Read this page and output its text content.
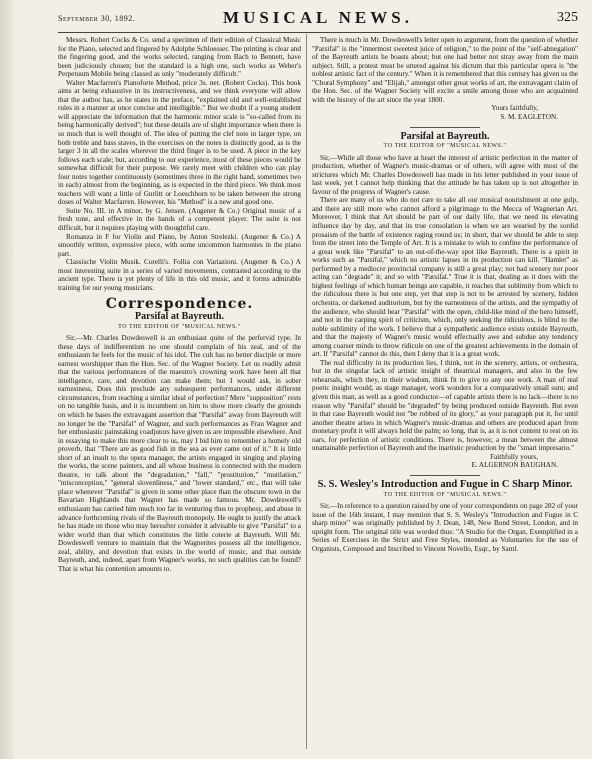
September 30, 1892.	MUSICAL NEWS.	325

Messrs. Robert Cocks & Co. send a specimen of their edition of Classical Music for the Piano, selected and fingered by Adolphe Schloesser. The printing is clear and the fingering good, and the works selected, ranging from Bach to Bennett, have been judiciously chosen; but the standard is a high one, such works as Weber's Perpetuum Mobile being classed as only "moderately difficult."

Walter Macfarren's Pianoforte Method, price 3s. net. (Robert Cocks). This book aims at being exhaustive in its instructiveness, and we think everyone will allow that the author has, as he states in the preface, "explained old and well-established rules in a manner at once concise and intelligible." But we doubt if a young student will appreciate the information that the harmonic minor scale is "so-called from its being harmonically derived"; but these details are of slight importance when there is so much that is well thought of. The idea of putting the clef note in larger type, on both treble and bass staves, in the exercises on the notes is distinctly good, as is the larger 3 in all the scales wherever the third finger is to be used. A piece in the key follows each scale; but, according to our experience, most of these pieces would be somewhat difficult for their purpose. We rarely meet with children who can play four notes together continuously (sometimes three in the right hand, sometimes two in each) almost from the beginning, as is expected in the third piece. We think most teachers will want a little of Gurlitt or Loeschhorn to be taken between the strong doses of Walter Macfarren. However, his "Method" is a new and good one.

Suite No. III. in A minor, by G. Jensen. (Augener & Co.) Original music of a fresh tone, and effective in the hands of a competent player. The suite is not difficult, but it requires playing with thoughtful care.

Romanza in F for Violin and Piano, by Anton Strelezki. (Augener & Co.) A smoothly written, expressive piece, with some uncommon harmonies in the piano part.

Classische Violin Musik. Corelli's. Follia con Variazioni. (Augener & Co.) A most interesting suite in a series of varied movements, contrasted according to the ancient type. There is yet plenty of life in this old music, and it forms admirable training for our young musicians.

Correspondence.
Parsifal at Bayreuth.
TO THE EDITOR OF "MUSICAL NEWS."

Sir,—Mr. Charles Dowdeswell is an enthusiast quite of the perfervid type. In these days of indifferentism no one should complain of his zeal, and of the enthusiasm he feels for the music of his idol. The cult has no better disciple or more earnest worshipper than the Hon. Sec. of the Wagner Society. Let us readily admit that the various performances of the maestro's crowning work have been all that intelligence, care, and devotion can make them; but I would ask, in sober earnestness, Does this preclude any subsequent performances, under different circumstances, from reaching a similar ideal of perfection? Mere "supposition" rests on no tangible basis, and it is incumbent on him to show more clearly the grounds on which he bases the extravagant assertion that "Parsifal" away from Bayreuth will no longer be the "Parsifal" of Wagner, and such performances as Frau Wagner and her enthusiastic painstaking coadjutors have given us are impossible elsewhere. And in essaying to make this more clear to us, may I bid him to remember a homely old proverb, that "There are as good fish in the sea as ever came out of it." It is little short of an insult to the opera manager, the artists engaged in singing and playing the works, the scene painters, and all whose business is connected with the modern theatre, to talk about the "degradation," "fall," "prostitution," "mutilation," "misconception," "general slovenliness," and "lower standard," etc., that will take place whenever "Parsifal" is given in some other place than the obscure town in the Bavarian Highlands that Wagner has made so famous. Mr. Dowdeswell's enthusiasm has carried him much too far in venturing thus to prophesy, and abuse in advance forthcoming rivals of the Bayreuth monopoly. He ought to justify the attack he has made on those who may hereafter consider it advisable to give "Parsifal" to a wider world than that which constitutes the little coterie at Bayreuth. Will Mr. Dowdeswell venture to maintain that the Wagnerites possess all the intelligence, zeal, ability, and devotion that exists in the world of music, and that outside Bayreuth, and, indeed, apart from Wagner's works, no such qualities can be found? That is what his contention amounts to.

There is much in Mr. Dowdeswell's letter open to argument, from the question of whether "Parsifal" is the "innermost sweetest juice of religion," to the point of the "self-abnegation" of the Bayreuth artists he boasts about; but one had better not stray away from the main subject. Still, a protest must be uttered against his dictum that this particular opera is "the noblest artistic fact of the century." When it is remembered that this century has given us the "Choral Symphony" and "Elijah," amongst other great works of art, the extravagant claim of the Hon. Sec. of the Wagner Society will excite a smile among those who are acquainted with the history of the art since the year 1800.

Yours faithfully,
S. M. EAGLETON.
Parsifal at Bayreuth.
TO THE EDITOR OF "MUSICAL NEWS."

Sir,—While all those who have at heart the interest of artistic perfection in the matter of production, whether of Wagner's music-dramas or of others, will agree with most of the strictures which Mr. Charles Dowdeswell has made in his letter published in your issue of last week, yet I cannot help thinking that the attitude he has taken up is not altogether in favour of the progress of Wagner's cause.

There are many of us who do not care to take all our musical nourishment at one gulp, and there are still more who cannot afford a pilgrimage to the Mecca of Wagnerian Art. Moreover, I think that Art should be part of our daily life, that we need its elevating influence day by day, and that its true consolation is when we are wearied by the sordid prosaism of the battle of existence raging round us; in short, that we should be able to step from the street into the Temple of Art. It is a mistake to wish to confine the performance of a great work like "Parsifal" to an out-of-the-way spot like Bayreuth. There is a spirit in works such as "Parsifal," which no artistic lapses in its production can kill. "Hamlet" as performed by a mediocre provincial company is still a great play; not bad scenery nor poor acting can "degrade" it; and so with "Parsifal." True it is that, dealing as it does with the highest feelings of which human beings are capable, it reaches that sublimity from which to the ridiculous there is but one step, yet that step is not to be arrested by scenery, hidden orchestra, or darkened auditorium, but by the earnestness of the artists, and the sympathy of the audience, who should hear "Parsifal" with the open, child-like mind of the hero himself, and not in the carping spirit of criticism, which, only seeking the ridiculous, is blind to the noble sublimity of the work. I believe that a sympathetic audience exists outside Bayreuth, and that the majesty of Wagner's music would effectually awe and subdue any tendency among coarser minds to throw ridicule on one of the greatest achievements in the domain of art. If "Parsifal" cannot do this, then I deny that it is a great work.

The real difficulty in its production lies, I think, not in the scenery, artists, or orchestra, but in the singular lack of artistic insight of theatrical managers, and also in the few rehearsals, which they, in their wisdom, think fit to give to any one work. A man of real poetic insight would, as stage manager, work wonders for a comparatively small sum; and given this man, as well as a good conductor—of capable artists there is no lack—there is no reason why "Parsifal" should be "degraded" by being produced outside Bayreuth. But even in that case Bayreuth would not "be robbed of its glory," as your paragraph put it, for until another theatre arises in which Wagner's music-dramas and others are produced apart from monetary profit it will always hold the palm; so long, that is, as it is not content to rest on its oars, for perfection of artistic conditions. There is, however, a mean between the almost unattainable perfection of Bayreuth and the inartistic production by the "smart impresario."

Faithfully yours,
E. ALGERNON BAUGHAN.
S. S. Wesley's Introduction and Fugue in C Sharp Minor.
TO THE EDITOR OF "MUSICAL NEWS."

Sir,—In reference to a question raised by one of your correspondents on page 282 of your issue of the 16th instant, I may mention that S. S. Wesley's "Introduction and Fugue in C sharp minor" was originally published by J. Dean, 148, New Bond Street, London, and in upright form. The original title was worded thus: "A Studio for the Organ, Exemplified in a Series of Exercises in the Strict and Free Styles, intended as Voluntaries for the use of Organists, Composed and Inscribed to Vincent Novello, Esqr., by Saml.
